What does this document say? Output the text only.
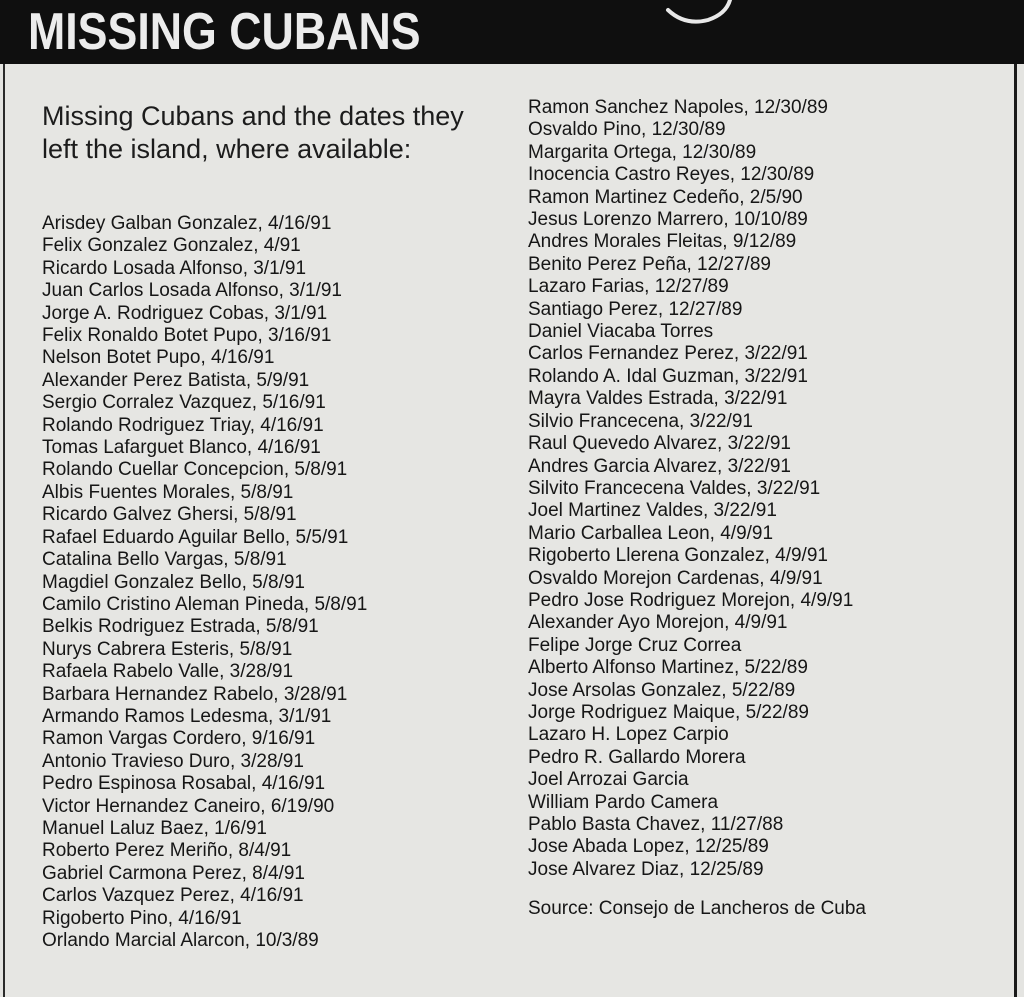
MISSING CUBANS
Missing Cubans and the dates they left the island, where available:
Arisdey Galban Gonzalez, 4/16/91
Felix Gonzalez Gonzalez, 4/91
Ricardo Losada Alfonso, 3/1/91
Juan Carlos Losada Alfonso, 3/1/91
Jorge A. Rodriguez Cobas, 3/1/91
Felix Ronaldo Botet Pupo, 3/16/91
Nelson Botet Pupo, 4/16/91
Alexander Perez Batista, 5/9/91
Sergio Corralez Vazquez, 5/16/91
Rolando Rodriguez Triay, 4/16/91
Tomas Lafarguet Blanco, 4/16/91
Rolando Cuellar Concepcion, 5/8/91
Albis Fuentes Morales, 5/8/91
Ricardo Galvez Ghersi, 5/8/91
Rafael Eduardo Aguilar Bello, 5/5/91
Catalina Bello Vargas, 5/8/91
Magdiel Gonzalez Bello, 5/8/91
Camilo Cristino Aleman Pineda, 5/8/91
Belkis Rodriguez Estrada, 5/8/91
Nurys Cabrera Esteris, 5/8/91
Rafaela Rabelo Valle, 3/28/91
Barbara Hernandez Rabelo, 3/28/91
Armando Ramos Ledesma, 3/1/91
Ramon Vargas Cordero, 9/16/91
Antonio Travieso Duro, 3/28/91
Pedro Espinosa Rosabal, 4/16/91
Victor Hernandez Caneiro, 6/19/90
Manuel Laluz Baez, 1/6/91
Roberto Perez Meriño, 8/4/91
Gabriel Carmona Perez, 8/4/91
Carlos Vazquez Perez, 4/16/91
Rigoberto Pino, 4/16/91
Orlando Marcial Alarcon, 10/3/89
Ramon Sanchez Napoles, 12/30/89
Osvaldo Pino, 12/30/89
Margarita Ortega, 12/30/89
Inocencia Castro Reyes, 12/30/89
Ramon Martinez Cedeño, 2/5/90
Jesus Lorenzo Marrero, 10/10/89
Andres Morales Fleitas, 9/12/89
Benito Perez Peña, 12/27/89
Lazaro Farias, 12/27/89
Santiago Perez, 12/27/89
Daniel Viacaba Torres
Carlos Fernandez Perez, 3/22/91
Rolando A. Idal Guzman, 3/22/91
Mayra Valdes Estrada, 3/22/91
Silvio Francecena, 3/22/91
Raul Quevedo Alvarez, 3/22/91
Andres Garcia Alvarez, 3/22/91
Silvito Francecena Valdes, 3/22/91
Joel Martinez Valdes, 3/22/91
Mario Carballea Leon, 4/9/91
Rigoberto Llerena Gonzalez, 4/9/91
Osvaldo Morejon Cardenas, 4/9/91
Pedro Jose Rodriguez Morejon, 4/9/91
Alexander Ayo Morejon, 4/9/91
Felipe Jorge Cruz Correa
Alberto Alfonso Martinez, 5/22/89
Jose Arsolas Gonzalez, 5/22/89
Jorge Rodriguez Maique, 5/22/89
Lazaro H. Lopez Carpio
Pedro R. Gallardo Morera
Joel Arrozai Garcia
William Pardo Camera
Pablo Basta Chavez, 11/27/88
Jose Abada Lopez, 12/25/89
Jose Alvarez Diaz, 12/25/89
Source: Consejo de Lancheros de Cuba
